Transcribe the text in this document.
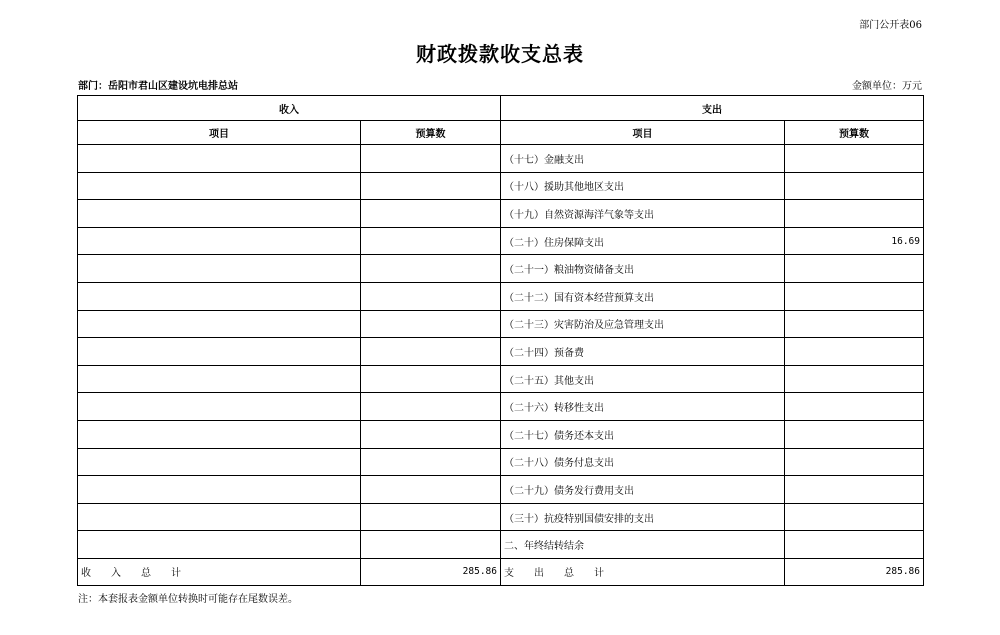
部门公开表06
财政拨款收支总表
部门：岳阳市君山区建设坑电排总站	金额单位：万元
收入		支出	
项目	预算数	项目	预算数
		（十七）金融支出	
		（十八）援助其他地区支出	
		（十九）自然资源海洋气象等支出	
		（二十）住房保障支出	16.69
		（二十一）粮油物资储备支出	
		（二十二）国有资本经营预算支出	
		（二十三）灾害防治及应急管理支出	
		（二十四）预备费	
		（二十五）其他支出	
		（二十六）转移性支出	
		（二十七）债务还本支出	
		（二十八）债务付息支出	
		（二十九）债务发行费用支出	
		（三十）抗疫特别国债安排的支出	
		二、年终结转结余	
收　　入　　总　　计	285.86	支　　出　　总　　计	285.86
注：本套报表金额单位转换时可能存在尾数误差。
